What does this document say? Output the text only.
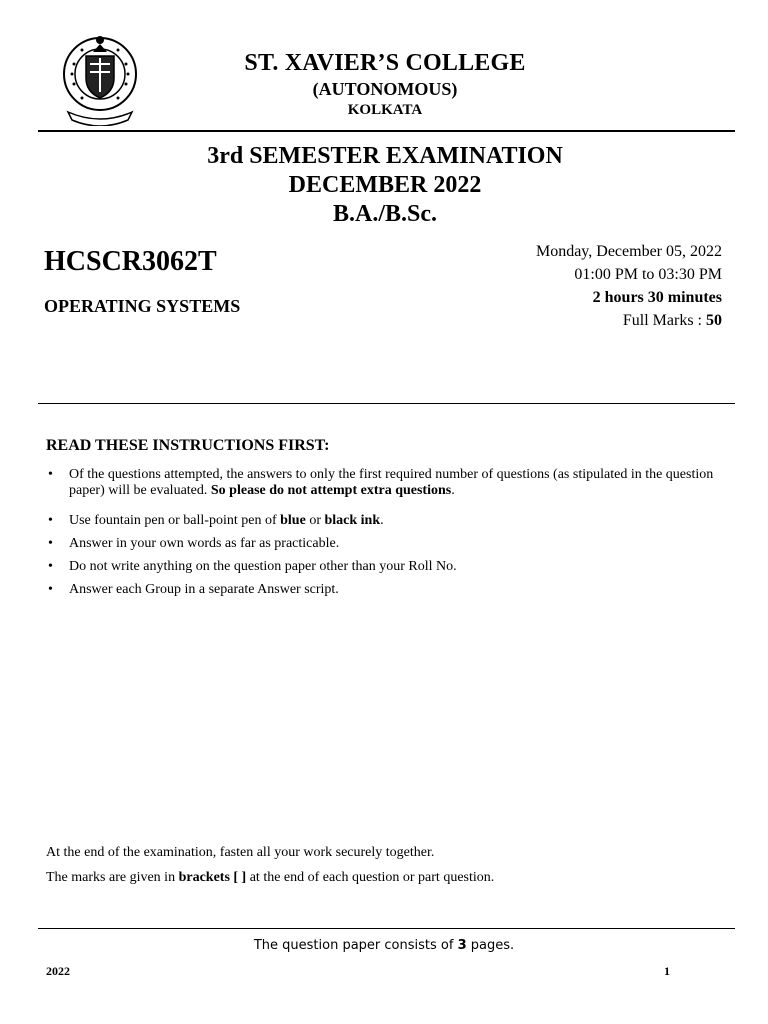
ST. XAVIER’S COLLEGE
(AUTONOMOUS)
KOLKATA
3rd SEMESTER EXAMINATION
DECEMBER 2022
B.A./B.Sc.
HCSCR3062T
OPERATING SYSTEMS
Monday, December 05, 2022
01:00 PM to 03:30 PM
2 hours 30 minutes
Full Marks : 50
READ THESE INSTRUCTIONS FIRST:
• Of the questions attempted, the answers to only the first required number of questions (as stipulated in the question paper) will be evaluated. So please do not attempt extra questions.
• Use fountain pen or ball-point pen of blue or black ink.
• Answer in your own words as far as practicable.
• Do not write anything on the question paper other than your Roll No.
• Answer each Group in a separate Answer script.
At the end of the examination, fasten all your work securely together.
The marks are given in brackets [ ] at the end of each question or part question.
The question paper consists of 3 pages.
2022	1
